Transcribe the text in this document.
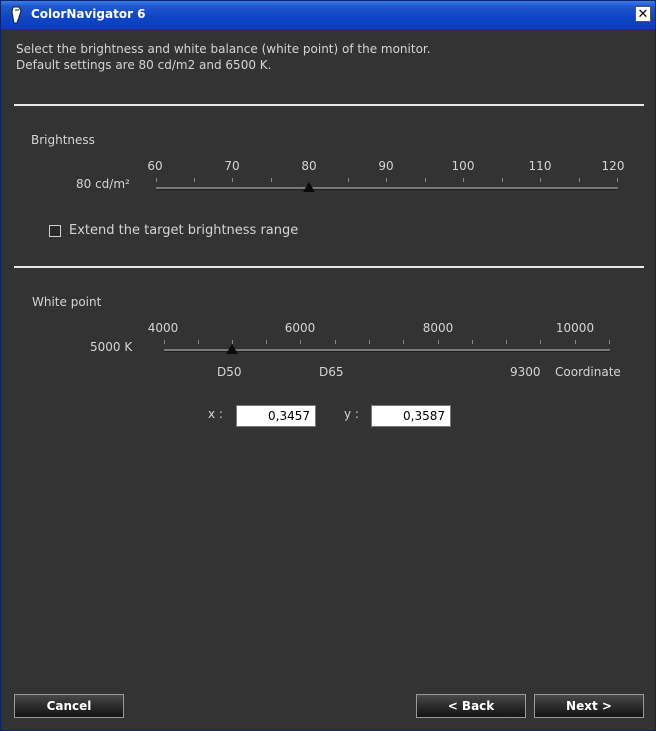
ColorNavigator 6	✕
Select the brightness and white balance (white point) of the monitor.
Default settings are 80 cd/m2 and 6500 K.
Brightness
60	70	80	90	100	110	120
80 cd/m²
Extend the target brightness range
White point
4000	6000	8000	10000
5000 K
D50	D65	9300 Coordinate
x :	0,3457	y :	0,3587
Cancel	< Back	Next >
